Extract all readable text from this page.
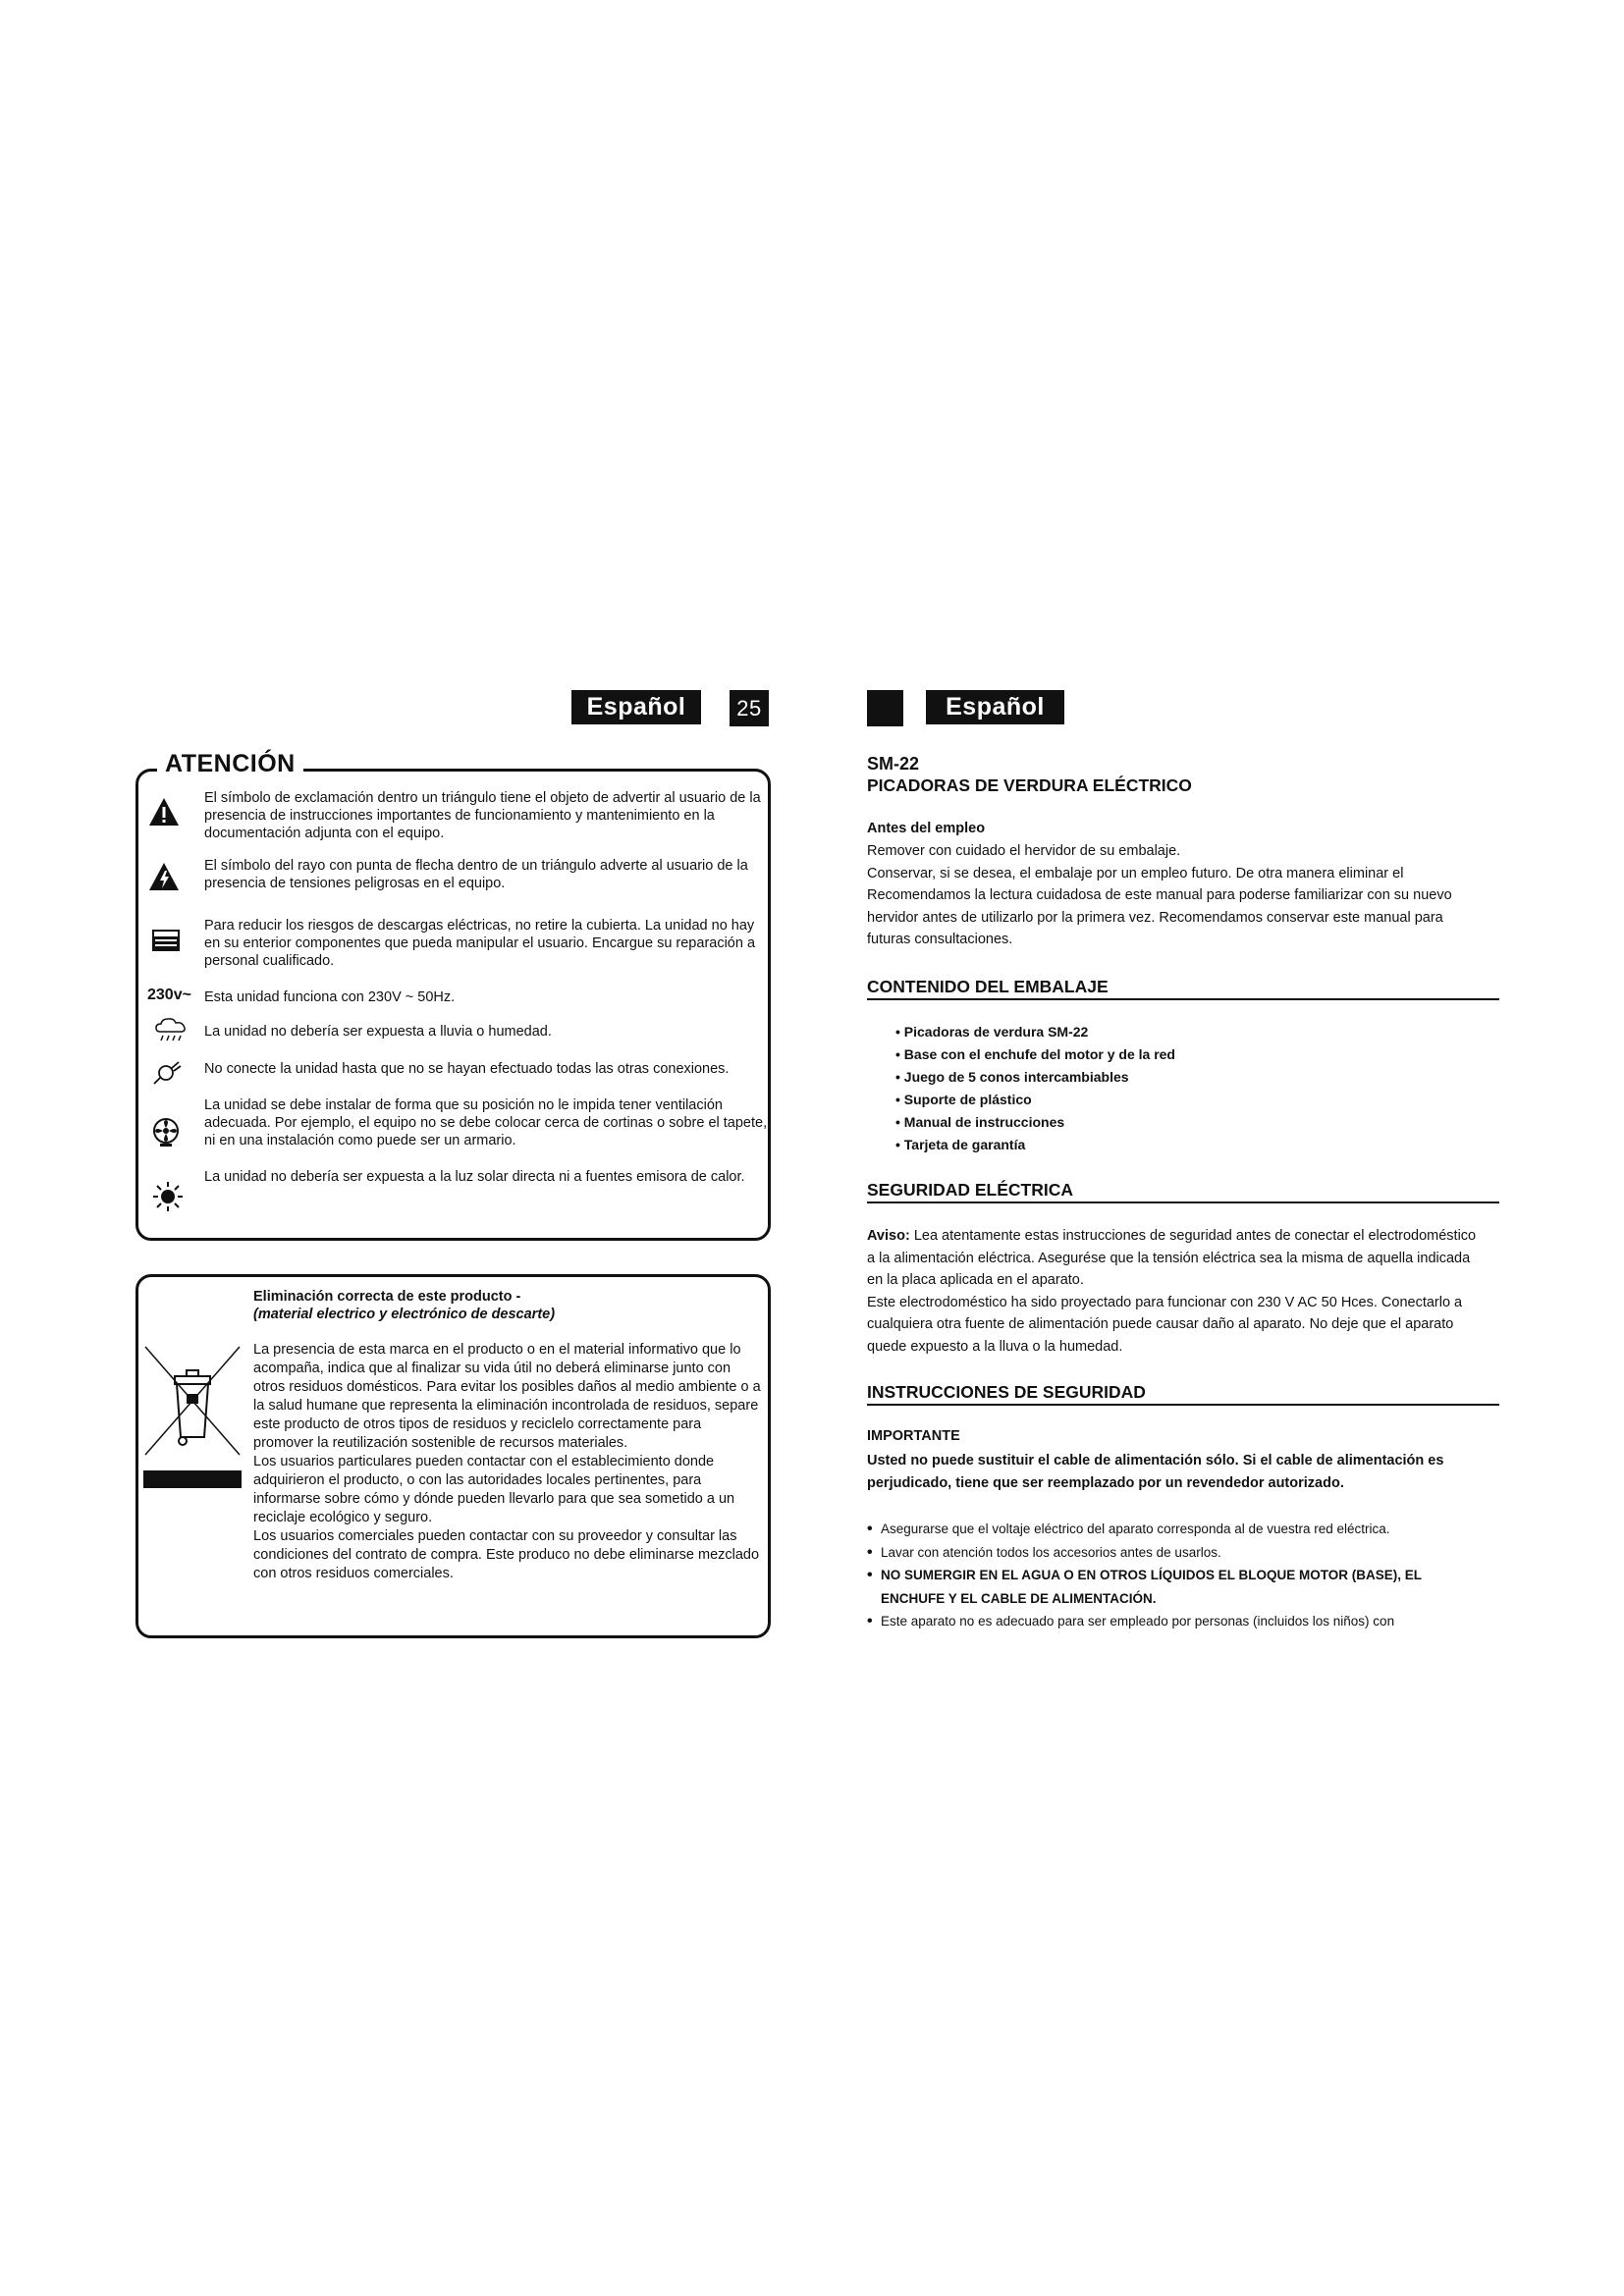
Español	25
ATENCIÓN
El símbolo de exclamación dentro un triángulo tiene el objeto de advertir al usuario de la presencia de instrucciones importantes de funcionamiento y mantenimiento en la documentación adjunta con el equipo.
El símbolo del rayo con punta de flecha dentro de un triángulo adverte al usuario de la presencia de tensiones peligrosas en el equipo.
Para reducir los riesgos de descargas eléctricas, no retire la cubierta. La unidad no hay en su enterior componentes que pueda manipular el usuario. Encargue su reparación a personal cualificado.
230v~ Esta unidad funciona con 230V ~ 50Hz.
La unidad no debería ser expuesta a lluvia o humedad.
No conecte la unidad hasta que no se hayan efectuado todas las otras conexiones.
La unidad se debe instalar de forma que su posición no le impida tener ventilación adecuada. Por ejemplo, el equipo no se debe colocar cerca de cortinas o sobre el tapete, ni en una instalación como puede ser un armario.
La unidad no debería ser expuesta a la luz solar directa ni a fuentes emisora de calor.
Eliminación correcta de este producto -
(material electrico y electrónico de descarte)
La presencia de esta marca en el producto o en el material informativo que lo acompaña, indica que al finalizar su vida útil no deberá eliminarse junto con otros residuos domésticos. Para evitar los posibles daños al medio ambiente o a la salud humane que representa la eliminación incontrolada de residuos, separe este producto de otros tipos de residuos y reciclelo correctamente para promover la reutilización sostenible de recursos materiales.
Los usuarios particulares pueden contactar con el establecimiento donde adquirieron el producto, o con las autoridades locales pertinentes, para informarse sobre cómo y dónde pueden llevarlo para que sea sometido a un reciclaje ecológico y seguro.
Los usuarios comerciales pueden contactar con su proveedor y consultar las condiciones del contrato de compra. Este produco no debe eliminarse mezclado con otros residuos comerciales.
Español
SM-22
PICADORAS DE VERDURA ELÉCTRICO
Antes del empleo
Remover con cuidado el hervidor de su embalaje.
Conservar, si se desea, el embalaje por un empleo futuro. De otra manera eliminar el
Recomendamos la lectura cuidadosa de este manual para poderse familiarizar con su nuevo
hervidor antes de utilizarlo por la primera vez. Recomendamos conservar este manual para
futuras consultaciones.
CONTENIDO DEL EMBALAJE
• Picadoras de verdura SM-22
• Base con el enchufe del motor y de la red
• Juego de 5 conos intercambiables
• Suporte de plástico
• Manual de instrucciones
• Tarjeta de garantía
SEGURIDAD ELÉCTRICA
Aviso: Lea atentamente estas instrucciones de seguridad antes de conectar el electrodoméstico
a la alimentación eléctrica. Asegurése que la tensión eléctrica sea la misma de aquella indicada
en la placa aplicada en el aparato.
Este electrodoméstico ha sido proyectado para funcionar con 230 V AC 50 Hces. Conectarlo a
cualquiera otra fuente de alimentación puede causar daño al aparato. No deje que el aparato
quede expuesto a la lluva o la humedad.
INSTRUCCIONES DE SEGURIDAD
IMPORTANTE
Usted no puede sustituir el cable de alimentación sólo. Si el cable de alimentación es
perjudicado, tiene que ser reemplazado por un revendedor autorizado.
• Asegurarse que el voltaje eléctrico del aparato corresponda al de vuestra red eléctrica.
• Lavar con atención todos los accesorios antes de usarlos.
• NO SUMERGIR EN EL AGUA O EN OTROS LÍQUIDOS EL BLOQUE MOTOR (BASE), EL
ENCHUFE Y EL CABLE DE ALIMENTACIÓN.
• Este aparato no es adecuado para ser empleado por personas (incluidos los niños) con
